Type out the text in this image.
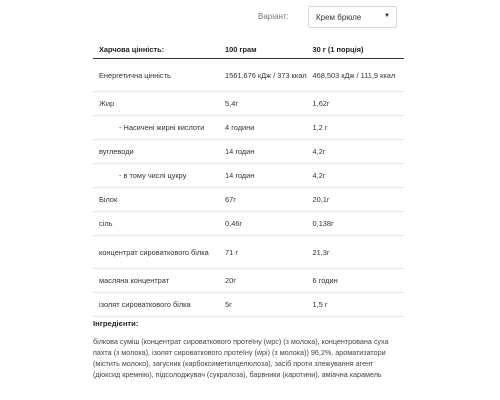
Варіант:	Крем брюле	▼
Харчова цінність:	100 грам	30 г (1 порція)
Енергетична цінність	1561,676 кДж / 373 ккал	468,503 кДж / 111,9 ккал
Жир	5,4г	1,62г
- Насичені жирні кислоти	4 години	1,2 г
вуглеводи	14 годин	4,2г
- в тому числі цукру	14 годин	4,2г
Білок	67г	20,1г
сіль	0,46г	0,138г
концентрат сироваткового білка	71 г	21,3г
масляна концентрат	20г	6 годин
ізолят сироваткового білка	5г	1,5 г
Інгредієнти:
білкова суміш (концентрат сироваткового протеїну (wpc) (з молока), концентрована суха пахта (з молока), ізолят сироваткового протеїну (wpi) (з молока)) 96,2%, ароматизатори (містить молоко), загусник (карбоксиметилцелюлоза), засіб проти злежування агент (діоксид кремнію), підсолоджувач (сукралоза), барвники (каротини), аміачна карамель
